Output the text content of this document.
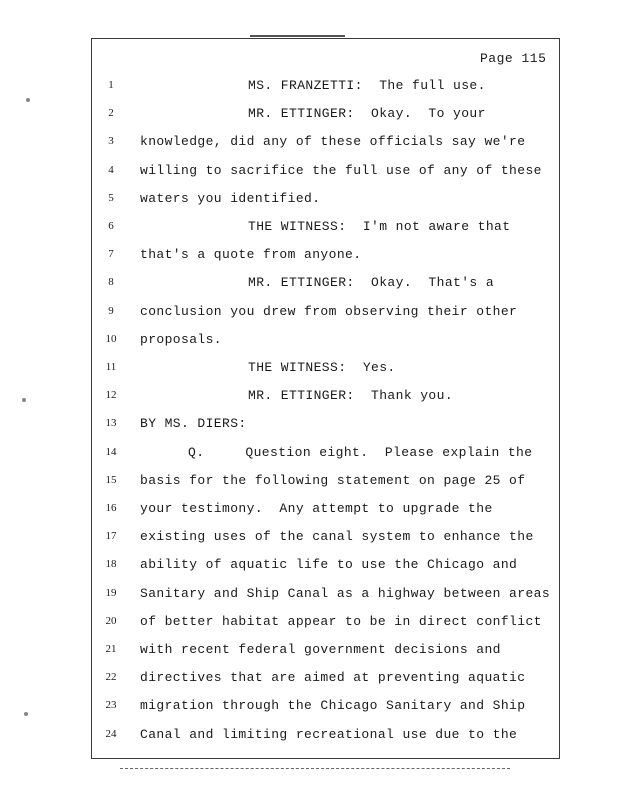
Page 115
1	MS. FRANZETTI:  The full use.
2	MR. ETTINGER:  Okay.  To your
3	knowledge, did any of these officials say we're
4	willing to sacrifice the full use of any of these
5	waters you identified.
6	THE WITNESS:  I'm not aware that
7	that's a quote from anyone.
8	MR. ETTINGER:  Okay.  That's a
9	conclusion you drew from observing their other
10	proposals.
11	THE WITNESS:  Yes.
12	MR. ETTINGER:  Thank you.
13	BY MS. DIERS:
14	Q.     Question eight.  Please explain the
15	basis for the following statement on page 25 of
16	your testimony.  Any attempt to upgrade the
17	existing uses of the canal system to enhance the
18	ability of aquatic life to use the Chicago and
19	Sanitary and Ship Canal as a highway between areas
20	of better habitat appear to be in direct conflict
21	with recent federal government decisions and
22	directives that are aimed at preventing aquatic
23	migration through the Chicago Sanitary and Ship
24	Canal and limiting recreational use due to the
